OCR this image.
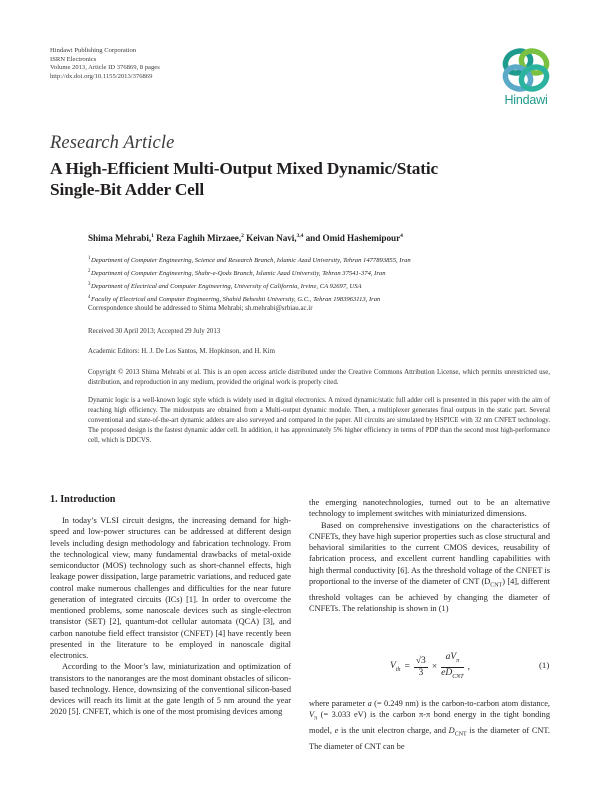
Hindawi Publishing Corporation
ISRN Electronics
Volume 2013, Article ID 376869, 8 pages
http://dx.doi.org/10.1155/2013/376869
Hindawi
Research Article
A High-Efficient Multi-Output Mixed Dynamic/Static
Single-Bit Adder Cell
Shima Mehrabi,$^1$ Reza Faghih Mirzaee,$^2$ Keivan Navi,$^{3,4}$ and Omid Hashemipour$^4$
$^1$ Department of Computer Engineering, Science and Research Branch, Islamic Azad University, Tehran 1477893855, Iran
$^2$ Department of Computer Engineering, Shahr-e-Qods Branch, Islamic Azad University, Tehran 37541-374, Iran
$^3$ Department of Electrical and Computer Engineering, University of California, Irvine, CA 92697, USA
$^4$ Faculty of Electrical and Computer Engineering, Shahid Beheshti University, G.C., Tehran 1983963113, Iran
Correspondence should be addressed to Shima Mehrabi; sh.mehrabi@srbiau.ac.ir
Received 30 April 2013; Accepted 29 July 2013
Academic Editors: H. J. De Los Santos, M. Hopkinson, and H. Kim
Copyright © 2013 Shima Mehrabi et al. This is an open access article distributed under the Creative Commons Attribution License, which permits unrestricted use, distribution, and reproduction in any medium, provided the original work is properly cited.
Dynamic logic is a well-known logic style which is widely used in digital electronics. A mixed dynamic/static full adder cell is presented in this paper with the aim of reaching high efficiency. The midoutputs are obtained from a Multi-output dynamic module. Then, a multiplexer generates final outputs in the static part. Several conventional and state-of-the-art dynamic adders are also surveyed and compared in the paper. All circuits are simulated by HSPICE with 32 nm CNFET technology. The proposed design is the fastest dynamic adder cell. In addition, it has approximately 5% higher efficiency in terms of PDP than the second most high-performance cell, which is DDCVS.
1. Introduction

In today’s VLSI circuit designs, the increasing demand for high-speed and low-power structures can be addressed at different design levels including design methodology and fabrication technology. From the technological view, many fundamental drawbacks of metal-oxide semiconductor (MOS) technology such as short-channel effects, high leakage power dissipation, large parametric variations, and reduced gate control make numerous challenges and difficulties for the near future generation of integrated circuits (ICs) [1]. In order to overcome the mentioned problems, some nanoscale devices such as single-electron transistor (SET) [2], quantum-dot cellular automata (QCA) [3], and carbon nanotube field effect transistor (CNFET) [4] have recently been presented in the literature to be employed in nanoscale digital electronics.

According to the Moor’s law, miniaturization and optimization of transistors to the nanoranges are the most dominant obstacles of silicon-based technology. Hence, downsizing of the conventional silicon-based devices will reach its limit at the gate length of 5 nm around the year 2020 [5]. CNFET, which is one of the most promising devices among

the emerging nanotechnologies, turned out to be an alternative technology to implement switches with miniaturized dimensions.

Based on comprehensive investigations on the characteristics of CNFETs, they have high superior properties such as close structural and behavioral similarities to the current CMOS devices, reusability of fabrication process, and excellent current handling capabilities with high thermal conductivity [6]. As the threshold voltage of the CNFET is proportional to the inverse of the diameter of CNT $(D_{CNT})$ [4], different threshold voltages can be achieved by changing the diameter of CNFETs. The relationship is shown in (1)

$V_{th} = \frac{√3}{3} \times \frac{aV_\pi}{eD_{CNT}}$ ,	(1)

where parameter a (= 0.249 nm) is the carbon-to-carbon atom distance, $V_\pi$ (= 3.033 eV) is the carbon π-π bond energy in the tight bonding model, e is the unit electron charge, and $D_{CNT}$ is the diameter of CNT. The diameter of CNT can be
